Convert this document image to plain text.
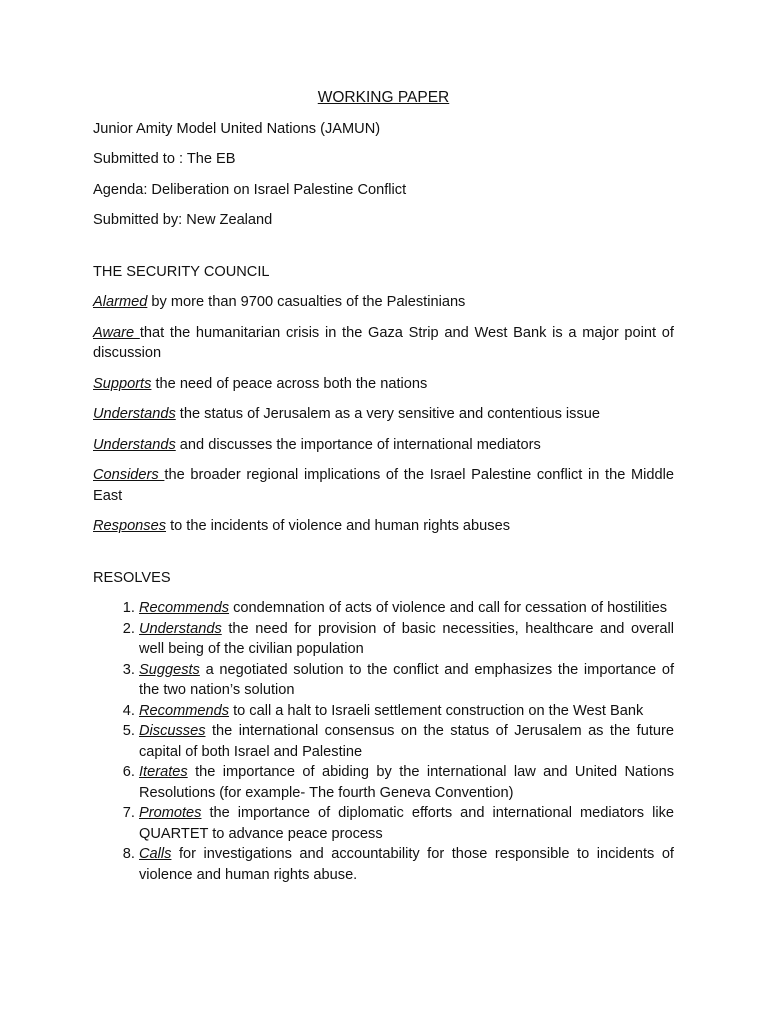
WORKING PAPER

Junior Amity Model United Nations (JAMUN)

Submitted to : The EB

Agenda: Deliberation on Israel Palestine Conflict

Submitted by: New Zealand

THE SECURITY COUNCIL

Alarmed by more than 9700 casualties of the Palestinians

Aware that the humanitarian crisis in the Gaza Strip and West Bank is a major point of discussion

Supports the need of peace across both the nations

Understands the status of Jerusalem as a very sensitive and contentious issue

Understands and discusses the importance of international mediators

Considers the broader regional implications of the Israel Palestine conflict in the Middle East

Responses to the incidents of violence and human rights abuses

RESOLVES

1. Recommends condemnation of acts of violence and call for cessation of hostilities
2. Understands the need for provision of basic necessities, healthcare and overall well being of the civilian population
3. Suggests a negotiated solution to the conflict and emphasizes the importance of the two nation’s solution
4. Recommends to call a halt to Israeli settlement construction on the West Bank
5. Discusses the international consensus on the status of Jerusalem as the future capital of both Israel and Palestine
6. Iterates the importance of abiding by the international law and United Nations Resolutions (for example- The fourth Geneva Convention)
7. Promotes the importance of diplomatic efforts and international mediators like QUARTET to advance peace process
8. Calls for investigations and accountability for those responsible to incidents of violence and human rights abuse.
